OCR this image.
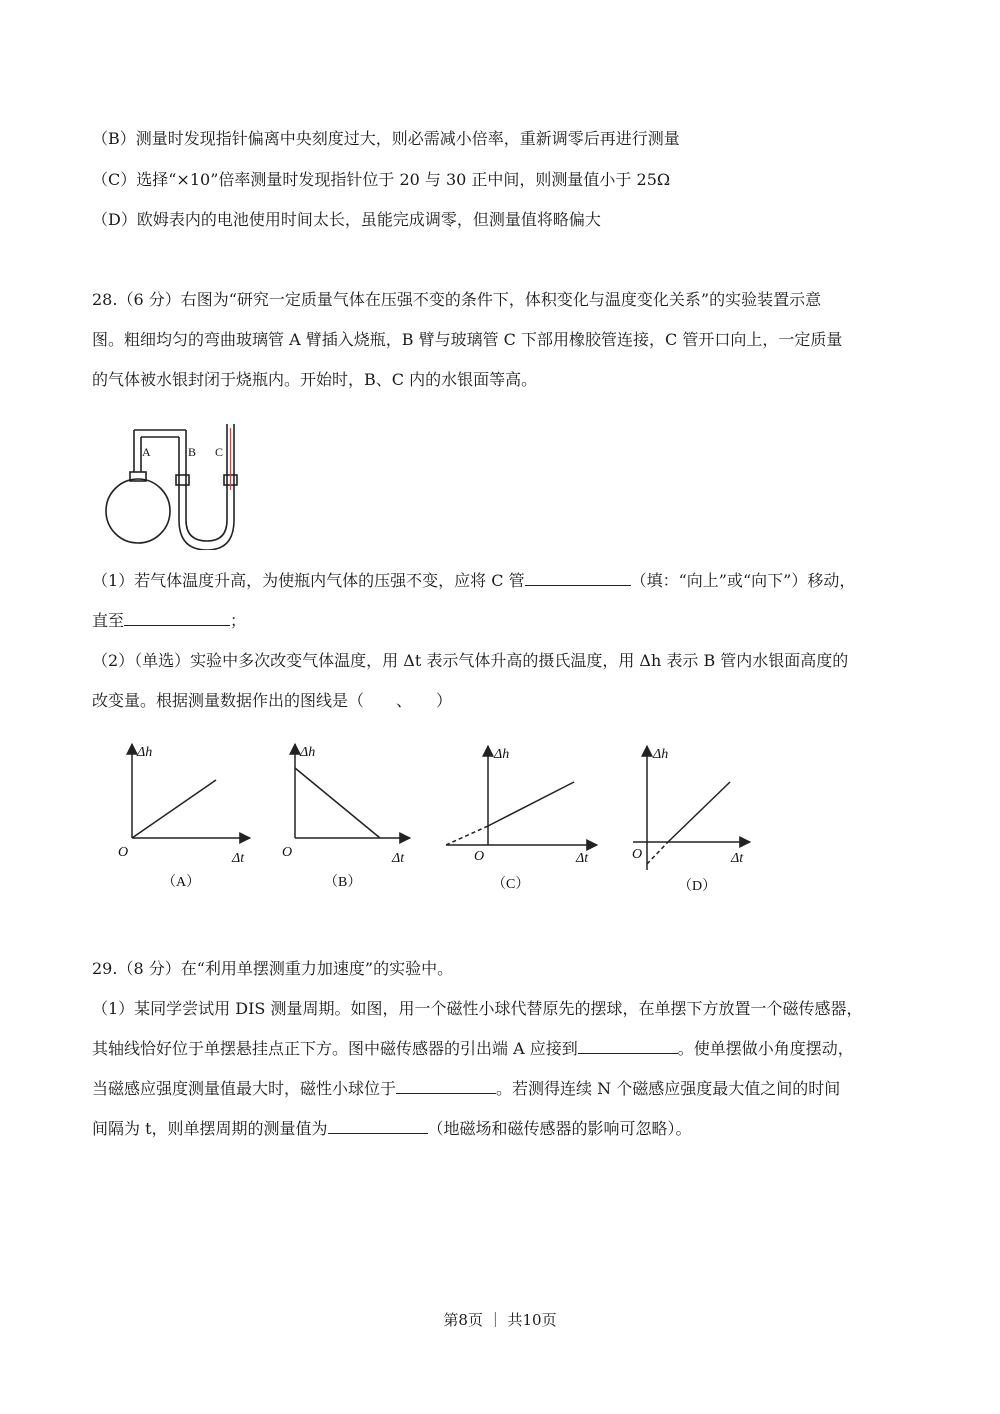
（B）测量时发现指针偏离中央刻度过大，则必需减小倍率，重新调零后再进行测量
（C）选择“×10”倍率测量时发现指针位于 20 与 30 正中间，则测量值小于 25Ω
（D）欧姆表内的电池使用时间太长，虽能完成调零，但测量值将略偏大
28.（6 分）右图为“研究一定质量气体在压强不变的条件下，体积变化与温度变化关系”的实验装置示意
图。粗细均匀的弯曲玻璃管 A 臂插入烧瓶，B 臂与玻璃管 C 下部用橡胶管连接，C 管开口向上，一定质量
的气体被水银封闭于烧瓶内。开始时，B、C 内的水银面等高。
A	B C
（1）若气体温度升高，为使瓶内气体的压强不变，应将 C 管	（填：“向上”或“向下”）移动，
直至	；
（2）（单选）实验中多次改变气体温度，用 Δt 表示气体升高的摄氏温度，用 Δh 表示 B 管内水银面高度的
改变量。根据测量数据作出的图线是（　　、　　）
Δh
Δt
O
Δh
Δt
O
Δh
Δt
O
Δh
Δt
O
（A）	（B）	（C）	（D）
29.（8 分）在“利用单摆测重力加速度”的实验中。
（1）某同学尝试用 DIS 测量周期。如图，用一个磁性小球代替原先的摆球，在单摆下方放置一个磁传感器，
其轴线恰好位于单摆悬挂点正下方。图中磁传感器的引出端 A 应接到	。使单摆做小角度摆动，
当磁感应强度测量值最大时，磁性小球位于	。若测得连续 N 个磁感应强度最大值之间的时间
间隔为 t，则单摆周期的测量值为	（地磁场和磁传感器的影响可忽略）。
第8页 ｜ 共10页
